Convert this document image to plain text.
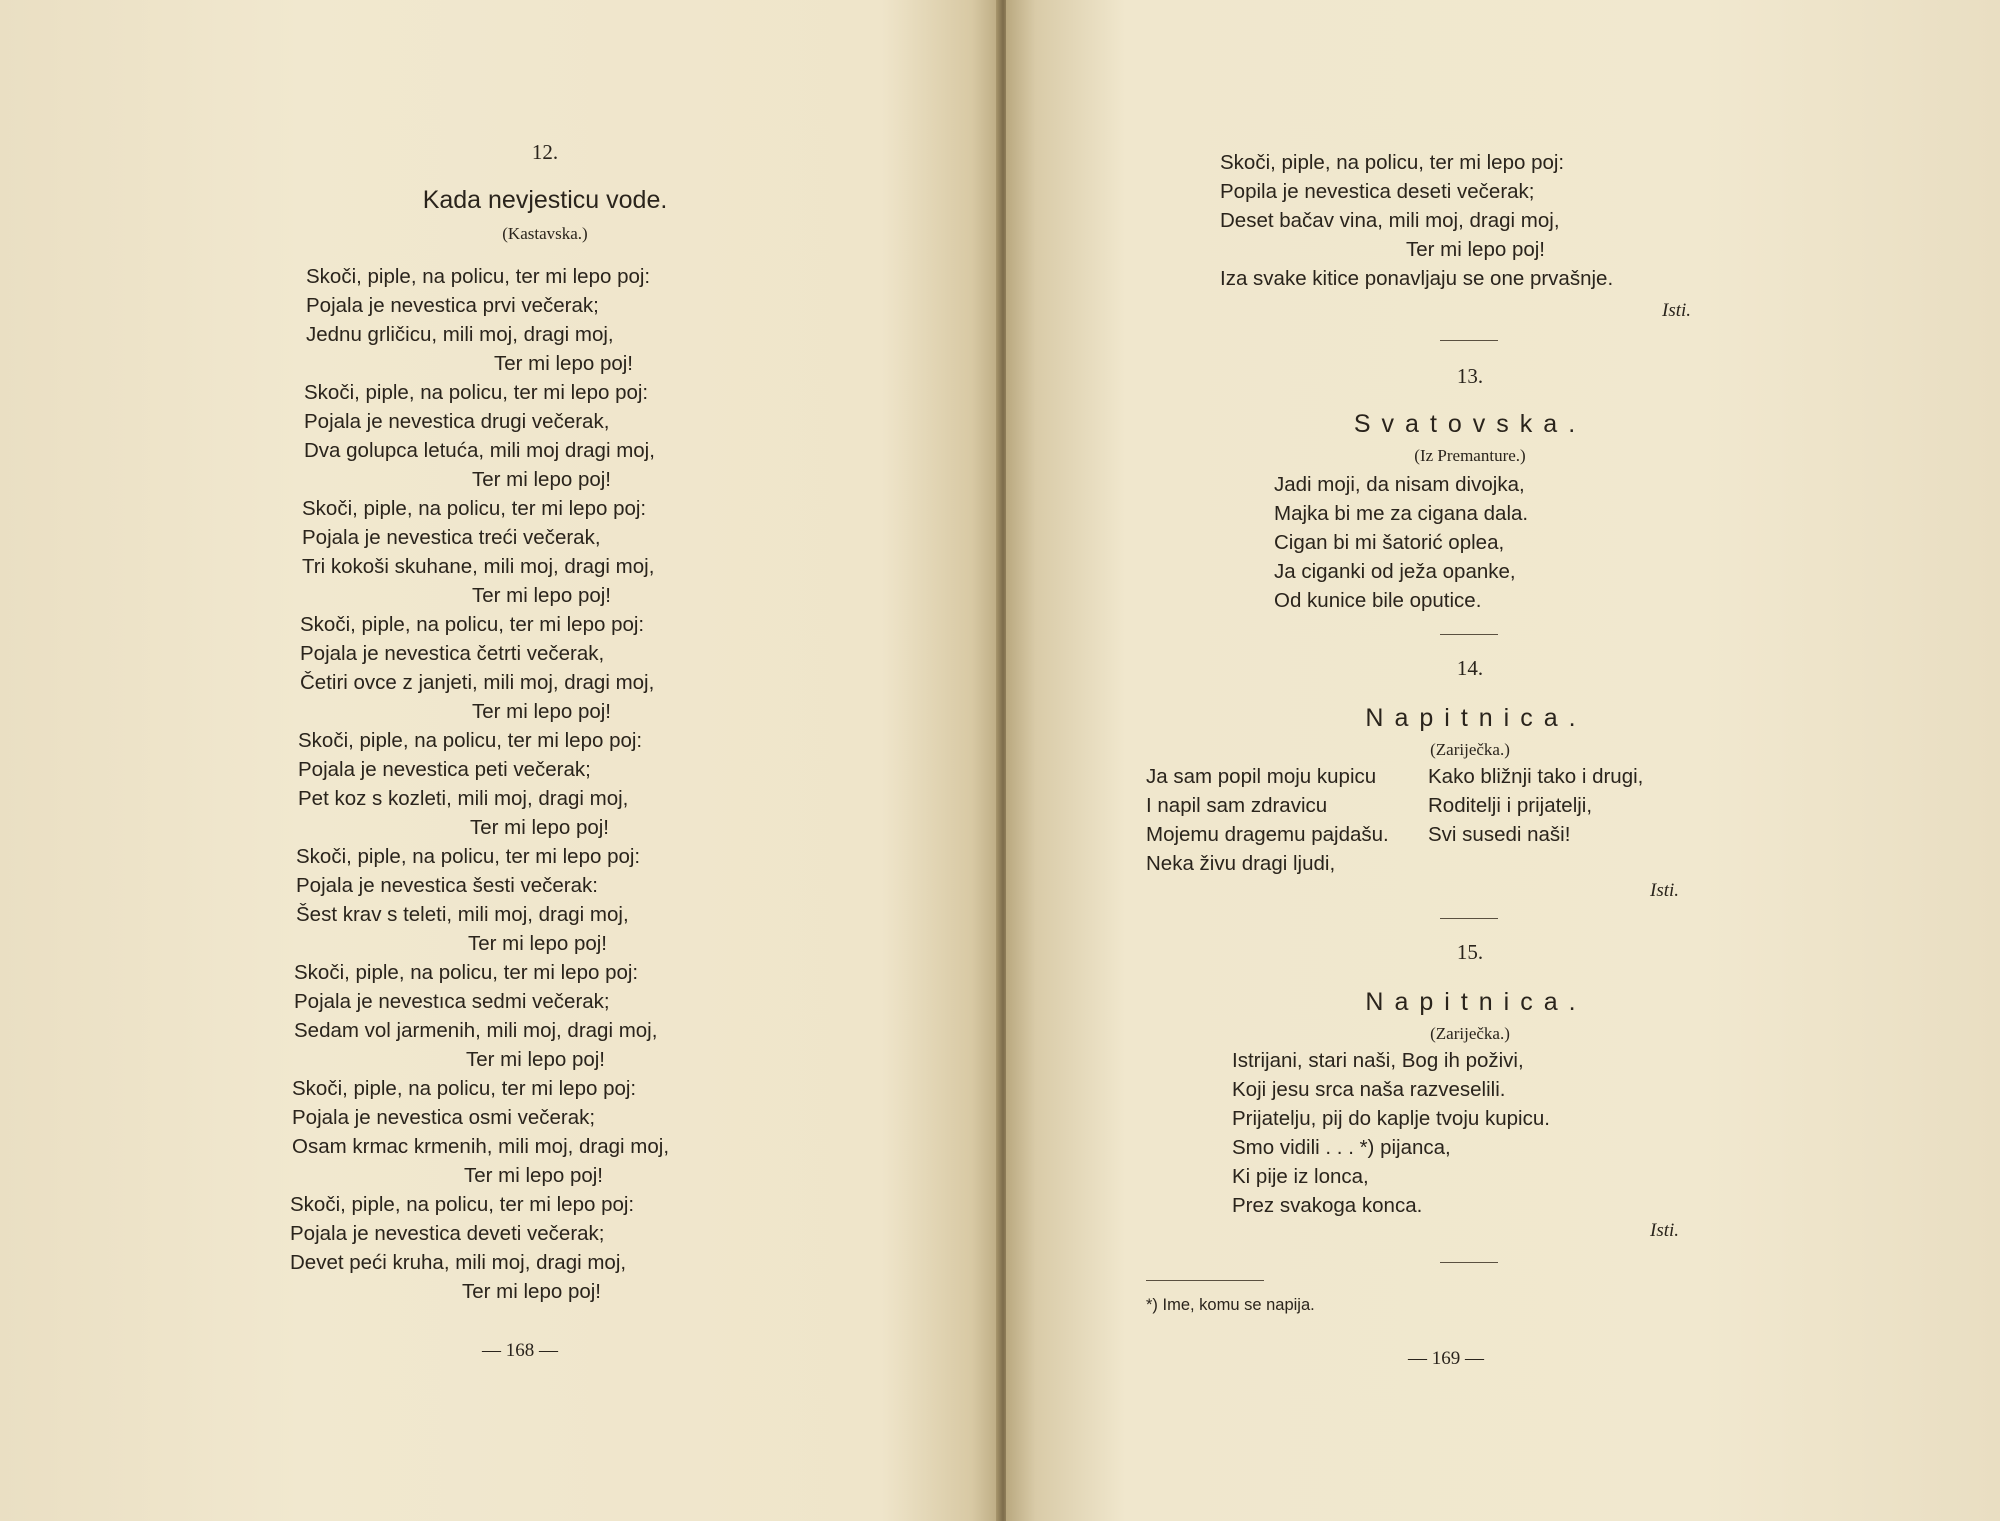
12.
Kada nevjesticu vode.
(Kastavska.)
Skoči, piple, na policu, ter mi lepo poj:
Pojala je nevestica prvi večerak;
Jednu grličicu, mili moj, dragi moj,
Ter mi lepo poj!
Skoči, piple, na policu, ter mi lepo poj:
Pojala je nevestica drugi večerak,
Dva golupca letuća, mili moj dragi moj,
Ter mi lepo poj!
Skoči, piple, na policu, ter mi lepo poj:
Pojala je nevestica treći večerak,
Tri kokoši skuhane, mili moj, dragi moj,
Ter mi lepo poj!
Skoči, piple, na policu, ter mi lepo poj:
Pojala je nevestica četrti večerak,
Četiri ovce z janjeti, mili moj, dragi moj,
Ter mi lepo poj!
Skoči, piple, na policu, ter mi lepo poj:
Pojala je nevestica peti večerak;
Pet koz s kozleti, mili moj, dragi moj,
Ter mi lepo poj!
Skoči, piple, na policu, ter mi lepo poj:
Pojala je nevestica šesti večerak:
Šest krav s teleti, mili moj, dragi moj,
Ter mi lepo poj!
Skoči, piple, na policu, ter mi lepo poj:
Pojala je nevestıca sedmi večerak;
Sedam vol jarmenih, mili moj, dragi moj,
Ter mi lepo poj!
Skoči, piple, na policu, ter mi lepo poj:
Pojala je nevestica osmi večerak;
Osam krmac krmenih, mili moj, dragi moj,
Ter mi lepo poj!
Skoči, piple, na policu, ter mi lepo poj:
Pojala je nevestica deveti večerak;
Devet peći kruha, mili moj, dragi moj,
Ter mi lepo poj!
— 168 —
Skoči, piple, na policu, ter mi lepo poj:
Popila je nevestica deseti večerak;
Deset bačav vina, mili moj, dragi moj,
Ter mi lepo poj!
Iza svake kitice ponavljaju se one prvašnje.
Isti.
13.
Svatovska.
(Iz Premanture.)
Jadi moji, da nisam divojka,
Majka bi me za cigana dala.
Cigan bi mi šatorić oplea,
Ja ciganki od ježa opanke,
Od kunice bile oputice.
14.
Napitnica.
(Zariječka.)
Ja sam popil moju kupicu
I napil sam zdravicu
Mojemu dragemu pajdašu.
Neka živu dragi ljudi,
Kako bližnji tako i drugi,
Roditelji i prijatelji,
Svi susedi naši!
Isti.
15.
Napitnica.
(Zariječka.)
Istrijani, stari naši, Bog ih poživi,
Koji jesu srca naša razveselili.
Prijatelju, pij do kaplje tvoju kupicu.
Smo vidili . . . *) pijanca,
Ki pije iz lonca,
Prez svakoga konca.
Isti.
*) Ime, komu se napija.
— 169 —
